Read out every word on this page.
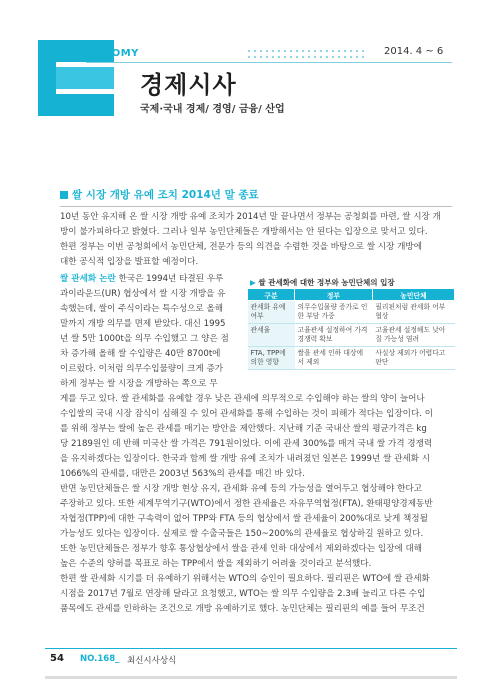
CONOMY	2014. 4 ~ 6
경제시사
국제·국내 경제/ 경영/ 금융/ 산업
쌀 시장 개방 유예 조치 2014년 말 종료
10년 동안 유지해 온 쌀 시장 개방 유예 조치가 2014년 말 끝나면서 정부는 공청회를 마련, 쌀 시장 개
방이 불가피하다고 밝혔다. 그러나 일부 농민단체들은 개방해서는 안 된다는 입장으로 맞서고 있다.
한편 정부는 이번 공청회에서 농민단체, 전문가 등의 의견을 수렴한 것을 바탕으로 쌀 시장 개방에
대한 공식적 입장을 발표할 예정이다.
쌀 관세화 논란 한국은 1994년 타결된 우루
과이라운드(UR) 협상에서 쌀 시장 개방을 유
속했는데, 쌀이 주식이라는 특수성으로 올해
말까지 개방 의무를 면제 받았다. 대신 1995
년 쌀 5만 1000t을 의무 수입했고 그 양은 점
차 증가해 올해 쌀 수입량은 40만 8700t에
이르렀다. 이처럼 의무수입물량이 크게 증가
하게 정부는 쌀 시장을 개방하는 쪽으로 무
▶ 쌀 관세화에 대한 정부와 농민단체의 입장
구분	정부	농민단체
관세화 유예 여부	의무수입물량 증가로 인한 부담 가중	필리핀처럼 관세화 어부 협상
관세율	고율관세 설정하여 가격 경쟁력 확보	고율관세 설정해도 낮아질 가능성 염려
FTA, TPP에 의한 영향	쌀을 관세 인하 대상에서 제외	사실상 제외가 어렵다고 판단
게를 두고 있다. 쌀 관세화를 유예할 경우 낮은 관세에 의무적으로 수입해야 하는 쌀의 양이 늘어나
수입쌀의 국내 시장 잠식이 심해질 수 있어 관세화를 통해 수입하는 것이 피해가 적다는 입장이다. 이
를 위해 정부는 쌀에 높은 관세를 매기는 방안을 제안했다. 지난해 기준 국내산 쌀의 평균가격은 kg
당 2189원인 데 반해 미국산 쌀 가격은 791원이었다. 이에 관세 300%를 매겨 국내 쌀 가격 경쟁력
을 유지하겠다는 입장이다. 한국과 함께 쌀 개방 유예 조치가 내려졌던 일본은 1999년 쌀 관세화 시
1066%의 관세를, 대만은 2003년 563%의 관세를 매긴 바 있다.
반면 농민단체들은 쌀 시장 개방 현상 유지, 관세화 유예 등의 가능성을 열어두고 협상해야 한다고
주장하고 있다. 또한 세계무역기구(WTO)에서 정한 관세율은 자유무역협정(FTA), 환태평양경제동반
자협정(TPP)에 대한 구속력이 없어 TPP와 FTA 등의 협상에서 쌀 관세율이 200%대로 낮게 책정될
가능성도 있다는 입장이다. 실제로 쌀 수출국들은 150~200%의 관세율로 협상하길 원하고 있다.
또한 농민단체들은 정부가 향후 통상협상에서 쌀을 관세 인하 대상에서 제외하겠다는 입장에 대해
높은 수준의 양허를 목표로 하는 TPP에서 쌀을 제외하기 어려울 것이라고 분석했다.
한편 쌀 관세화 시기를 더 유예하기 위해서는 WTO의 승인이 필요하다. 필리핀은 WTO에 쌀 관세화
시점을 2017년 7월로 연장해 달라고 요청했고, WTO는 쌀 의무 수입량을 2.3배 늘리고 다른 수입
품목에도 관세를 인하하는 조건으로 개방 유예하기로 했다. 농민단체는 필리핀의 예를 들어 무조건
54 NO.168_ 최신시사상식
